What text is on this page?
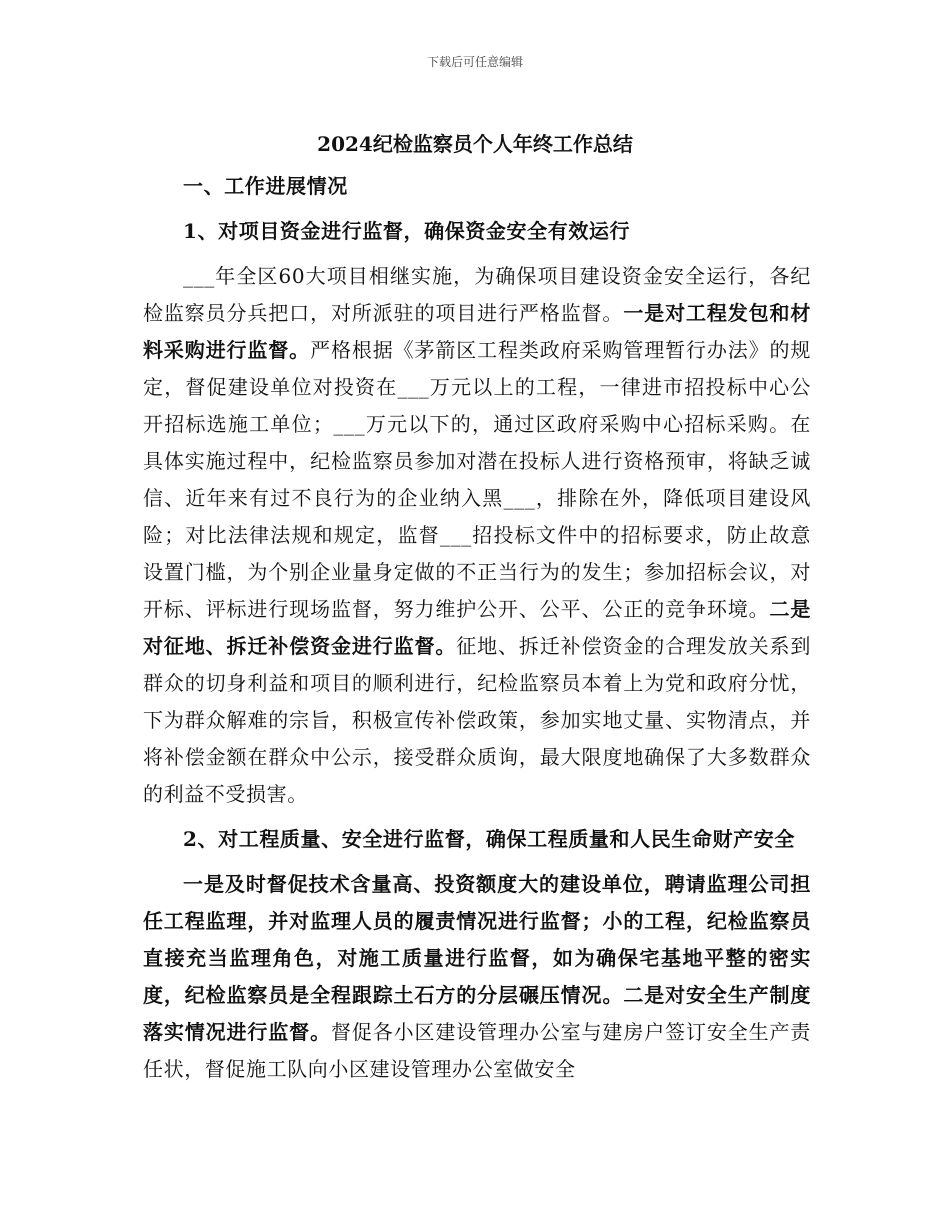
下载后可任意编辑
2024纪检监察员个人年终工作总结

一、工作进展情况

1、对项目资金进行监督，确保资金安全有效运行

___年全区60大项目相继实施，为确保项目建设资金安全运行，各纪检监察员分兵把口，对所派驻的项目进行严格监督。一是对工程发包和材料采购进行监督。严格根据《茅箭区工程类政府采购管理暂行办法》的规定，督促建设单位对投资在___万元以上的工程，一律进市招投标中心公开招标选施工单位；___万元以下的，通过区政府采购中心招标采购。在具体实施过程中，纪检监察员参加对潜在投标人进行资格预审，将缺乏诚信、近年来有过不良行为的企业纳入黑___，排除在外，降低项目建设风险；对比法律法规和规定，监督___招投标文件中的招标要求，防止故意设置门槛，为个别企业量身定做的不正当行为的发生；参加招标会议，对开标、评标进行现场监督，努力维护公开、公平、公正的竞争环境。二是对征地、拆迁补偿资金进行监督。征地、拆迁补偿资金的合理发放关系到群众的切身利益和项目的顺利进行，纪检监察员本着上为党和政府分忧，下为群众解难的宗旨，积极宣传补偿政策，参加实地丈量、实物清点，并将补偿金额在群众中公示，接受群众质询，最大限度地确保了大多数群众的利益不受损害。

2、对工程质量、安全进行监督，确保工程质量和人民生命财产安全

一是及时督促技术含量高、投资额度大的建设单位，聘请监理公司担任工程监理，并对监理人员的履责情况进行监督；小的工程，纪检监察员直接充当监理角色，对施工质量进行监督，如为确保宅基地平整的密实度，纪检监察员是全程跟踪土石方的分层碾压情况。二是对安全生产制度落实情况进行监督。督促各小区建设管理办公室与建房户签订安全生产责任状，督促施工队向小区建设管理办公室做安全
